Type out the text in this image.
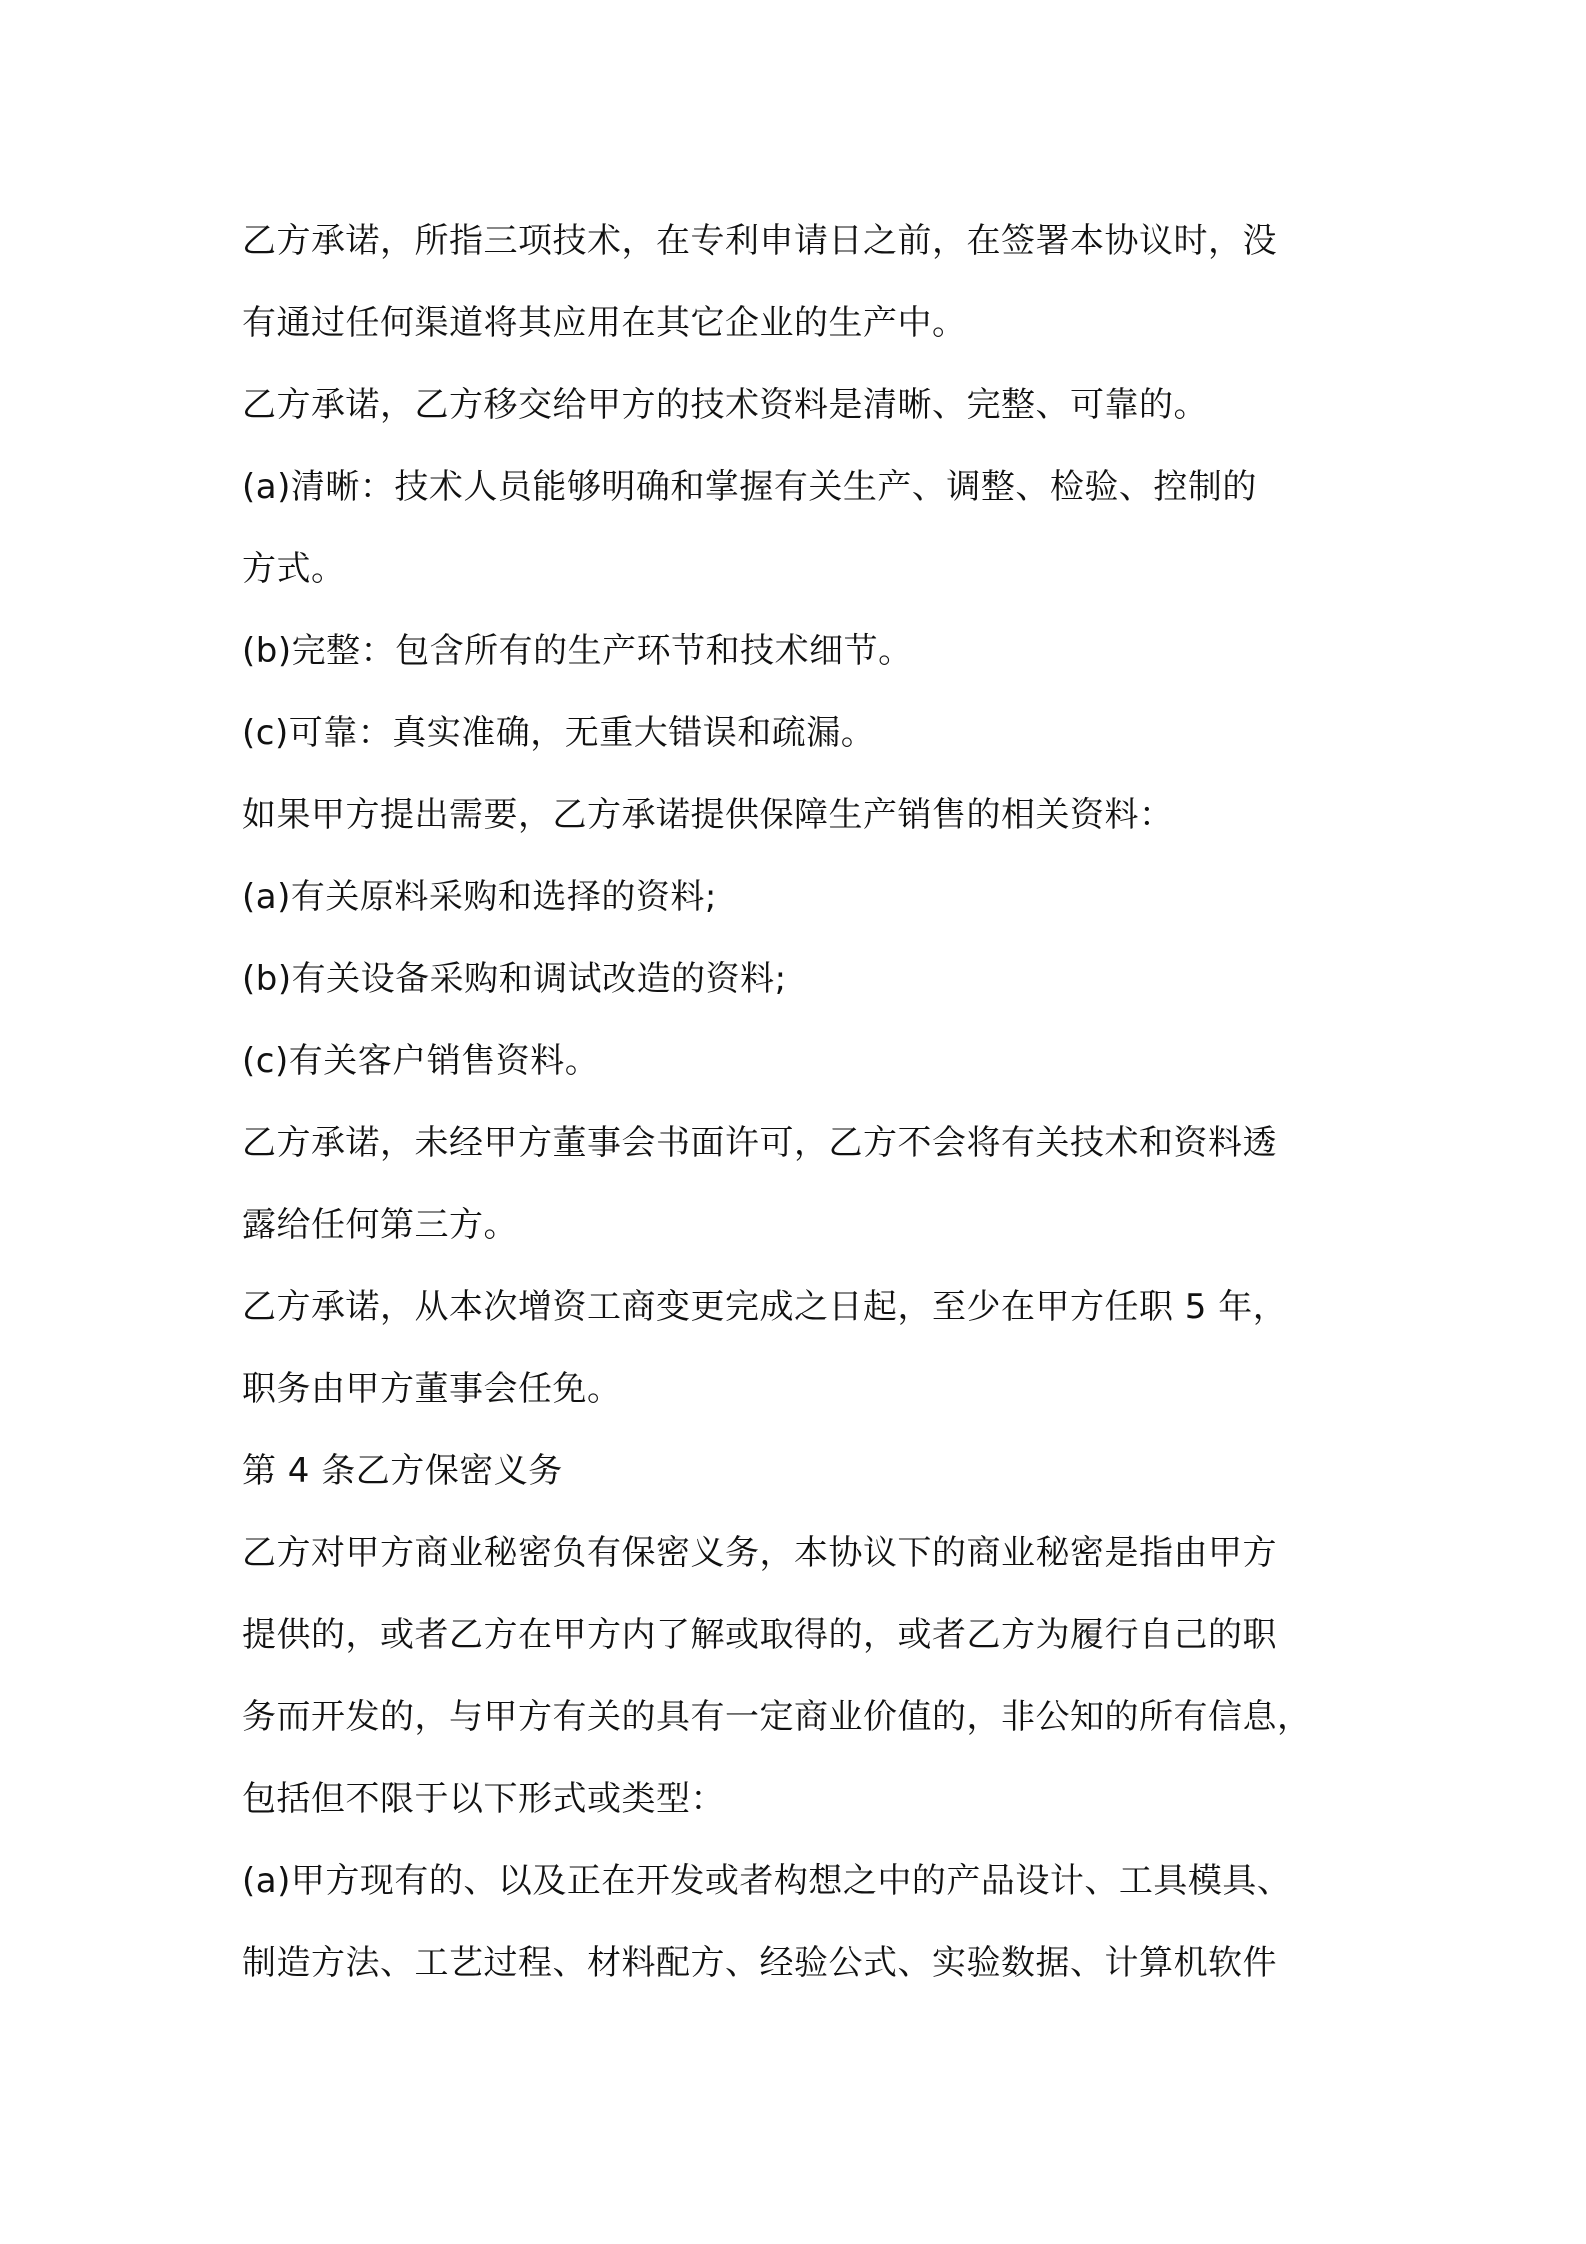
乙方承诺，所指三项技术，在专利申请日之前，在签署本协议时，没
有通过任何渠道将其应用在其它企业的生产中。
乙方承诺，乙方移交给甲方的技术资料是清晰、完整、可靠的。
(a)清晰：技术人员能够明确和掌握有关生产、调整、检验、控制的
方式。
(b)完整：包含所有的生产环节和技术细节。
(c)可靠：真实准确，无重大错误和疏漏。
如果甲方提出需要，乙方承诺提供保障生产销售的相关资料：
(a)有关原料采购和选择的资料;
(b)有关设备采购和调试改造的资料;
(c)有关客户销售资料。
乙方承诺，未经甲方董事会书面许可，乙方不会将有关技术和资料透
露给任何第三方。
乙方承诺，从本次增资工商变更完成之日起，至少在甲方任职 5 年，
职务由甲方董事会任免。
第 4 条乙方保密义务
乙方对甲方商业秘密负有保密义务，本协议下的商业秘密是指由甲方
提供的，或者乙方在甲方内了解或取得的，或者乙方为履行自己的职
务而开发的，与甲方有关的具有一定商业价值的，非公知的所有信息，
包括但不限于以下形式或类型：
(a)甲方现有的、以及正在开发或者构想之中的产品设计、工具模具、
制造方法、工艺过程、材料配方、经验公式、实验数据、计算机软件
